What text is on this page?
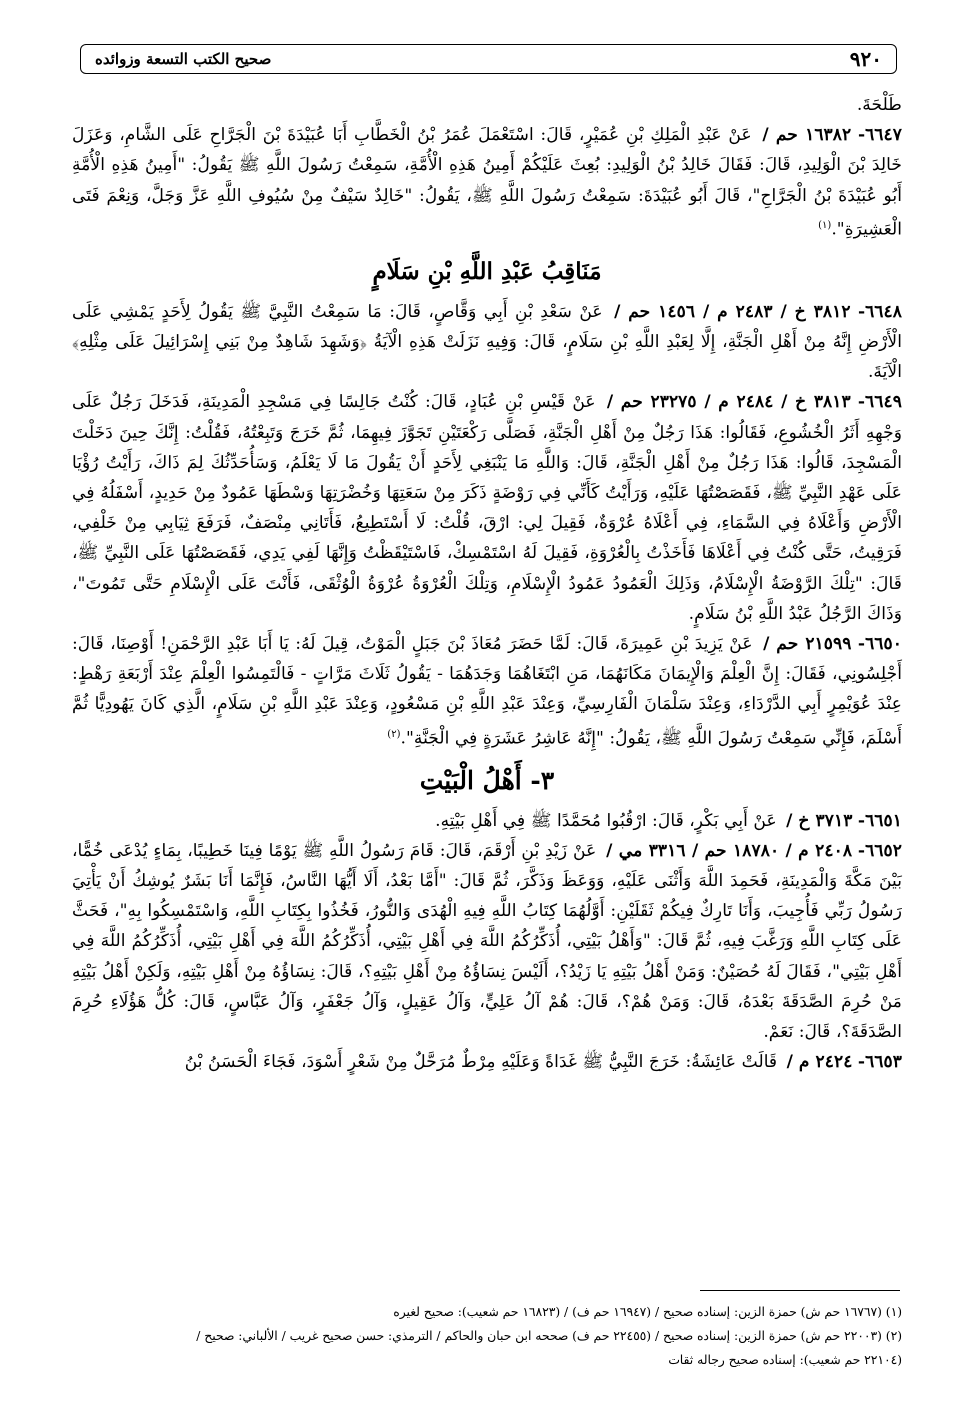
٩٢٠
صحيح الكتب التسعة وزوائده

طَلْحَةَ.

٦٦٤٧- ١٦٣٨٢ حم / عَنْ عَبْدِ الْمَلِكِ بْنِ عُمَيْرٍ، قَالَ: اسْتَعْمَلَ عُمَرُ بْنُ الْخَطَّابِ أَبَا عُبَيْدَةَ بْنَ الْجَرَّاحِ عَلَى الشَّامِ، وَعَزَلَ خَالِدَ بْنَ الْوَلِيدِ، قَالَ: فَقَالَ خَالِدُ بْنُ الْوَلِيدِ: بُعِثَ عَلَيْكُمْ أَمِينُ هَذِهِ الْأُمَّةِ، سَمِعْتُ رَسُولَ اللَّهِ ﷺ يَقُولُ: "أَمِينُ هَذِهِ الْأُمَّةِ أَبُو عُبَيْدَةَ بْنُ الْجَرَّاحِ"، قَالَ أَبُو عُبَيْدَةَ: سَمِعْتُ رَسُولَ اللَّهِ ﷺ، يَقُولُ: "خَالِدٌ سَيْفٌ مِنْ سُيُوفِ اللَّهِ عَزَّ وَجَلَّ، وَنِعْمَ فَتَى الْعَشِيرَةِ".$^{(١)}$

مَنَاقِبُ عَبْدِ اللَّهِ بْنِ سَلَامٍ

٦٦٤٨- ٣٨١٢ خ / ٢٤٨٣ م / ١٤٥٦ حم / عَنْ سَعْدِ بْنِ أَبِي وَقَّاصٍ، قَالَ: مَا سَمِعْتُ النَّبِيَّ ﷺ يَقُولُ لِأَحَدٍ يَمْشِي عَلَى الْأَرْضِ إِنَّهُ مِنْ أَهْلِ الْجَنَّةِ، إِلَّا لِعَبْدِ اللَّهِ بْنِ سَلَامٍ، قَالَ: وَفِيهِ نَزَلَتْ هَذِهِ الْآيَةُ ﴿وَشَهِدَ شَاهِدٌ مِنْ بَنِي إِسْرَائِيلَ عَلَى مِثْلِهِ﴾ الْآيَةَ.

٦٦٤٩- ٣٨١٣ خ / ٢٤٨٤ م / ٢٣٢٧٥ حم / عَنْ قَيْسِ بْنِ عُبَادٍ، قَالَ: كُنْتُ جَالِسًا فِي مَسْجِدِ الْمَدِينَةِ، فَدَخَلَ رَجُلٌ عَلَى وَجْهِهِ أَثَرُ الْخُشُوعِ، فَقَالُوا: هَذَا رَجُلٌ مِنْ أَهْلِ الْجَنَّةِ، فَصَلَّى رَكْعَتَيْنِ تَجَوَّزَ فِيهِمَا، ثُمَّ خَرَجَ وَتَبِعْتُهُ، فَقُلْتُ: إِنَّكَ حِينَ دَخَلْتَ الْمَسْجِدَ، قَالُوا: هَذَا رَجُلٌ مِنْ أَهْلِ الْجَنَّةِ، قَالَ: وَاللَّهِ مَا يَنْبَغِي لِأَحَدٍ أَنْ يَقُولَ مَا لَا يَعْلَمُ، وَسَأُحَدِّثُكَ لِمَ ذَاكَ، رَأَيْتُ رُؤْيَا عَلَى عَهْدِ النَّبِيِّ ﷺ، فَقَصَصْتُهَا عَلَيْهِ، وَرَأَيْتُ كَأَنِّي فِي رَوْضَةٍ ذَكَرَ مِنْ سَعَتِهَا وَخُضْرَتِهَا وَسْطَهَا عَمُودٌ مِنْ حَدِيدٍ، أَسْفَلُهُ فِي الْأَرْضِ وَأَعْلَاهُ فِي السَّمَاءِ، فِي أَعْلَاهُ عُرْوَةٌ، فَقِيلَ لِي: ارْقَ، قُلْتُ: لَا أَسْتَطِيعُ، فَأَتَانِي مِنْصَفٌ، فَرَفَعَ ثِيَابِي مِنْ خَلْفِي، فَرَقِيتُ، حَتَّى كُنْتُ فِي أَعْلَاهَا فَأَخَذْتُ بِالْعُرْوَةِ، فَقِيلَ لَهُ اسْتَمْسِكْ، فَاسْتَيْقَظْتُ وَإِنَّهَا لَفِي يَدِي، فَقَصَصْتُهَا عَلَى النَّبِيِّ ﷺ، قَالَ: "تِلْكَ الرَّوْضَةُ الْإِسْلَامُ، وَذَلِكَ الْعَمُودُ عَمُودُ الْإِسْلَامِ، وَتِلْكَ الْعُرْوَةُ عُرْوَةُ الْوُثْقَى، فَأَنْتَ عَلَى الْإِسْلَامِ حَتَّى تَمُوتَ"، وَذَاكَ الرَّجُلُ عَبْدُ اللَّهِ بْنُ سَلَامٍ.

٦٦٥٠- ٢١٥٩٩ حم / عَنْ يَزِيدَ بْنِ عَمِيرَةَ، قَالَ: لَمَّا حَضَرَ مُعَاذَ بْنَ جَبَلٍ الْمَوْتُ، قِيلَ لَهُ: يَا أَبَا عَبْدِ الرَّحْمَنِ! أَوْصِنَا، قَالَ: أَجْلِسُونِي، فَقَالَ: إِنَّ الْعِلْمَ وَالْإِيمَانَ مَكَانَهُمَا، مَنِ ابْتَغَاهُمَا وَجَدَهُمَا - يَقُولُ ثَلَاثَ مَرَّاتٍ - فَالْتَمِسُوا الْعِلْمَ عِنْدَ أَرْبَعَةِ رَهْطٍ: عِنْدَ عُوَيْمِرٍ أَبِي الدَّرْدَاءِ، وَعِنْدَ سَلْمَانَ الْفَارِسِيِّ، وَعِنْدَ عَبْدِ اللَّهِ بْنِ مَسْعُودٍ، وَعِنْدَ عَبْدِ اللَّهِ بْنِ سَلَامٍ، الَّذِي كَانَ يَهُودِيًّا ثُمَّ أَسْلَمَ، فَإِنِّي سَمِعْتُ رَسُولَ اللَّهِ ﷺ، يَقُولُ: "إِنَّهُ عَاشِرُ عَشَرَةٍ فِي الْجَنَّةِ".$^{(٢)}$

٣- أَهْلُ الْبَيْتِ

٦٦٥١- ٣٧١٣ خ / عَنْ أَبِي بَكْرٍ، قَالَ: ارْقُبُوا مُحَمَّدًا ﷺ فِي أَهْلِ بَيْتِهِ.

٦٦٥٢- ٢٤٠٨ م / ١٨٧٨٠ حم / ٣٣١٦ مي / عَنْ زَيْدِ بْنِ أَرْقَمَ، قَالَ: قَامَ رَسُولُ اللَّهِ ﷺ يَوْمًا فِينَا خَطِيبًا، بِمَاءٍ يُدْعَى خُمًّا، بَيْنَ مَكَّةَ وَالْمَدِينَةِ، فَحَمِدَ اللَّهَ وَأَثْنَى عَلَيْهِ، وَوَعَظَ وَذَكَّرَ، ثُمَّ قَالَ: "أَمَّا بَعْدُ، أَلَا أَيُّهَا النَّاسُ، فَإِنَّمَا أَنَا بَشَرٌ يُوشِكُ أَنْ يَأْتِيَ رَسُولُ رَبِّي فَأُجِيبَ، وَأَنَا تَارِكٌ فِيكُمْ ثَقَلَيْنِ: أَوَّلُهُمَا كِتَابُ اللَّهِ فِيهِ الْهُدَى وَالنُّورُ، فَخُذُوا بِكِتَابِ اللَّهِ، وَاسْتَمْسِكُوا بِهِ"، فَحَثَّ عَلَى كِتَابِ اللَّهِ وَرَغَّبَ فِيهِ، ثُمَّ قَالَ: "وَأَهْلُ بَيْتِي، أُذَكِّرُكُمُ اللَّهَ فِي أَهْلِ بَيْتِي، أُذَكِّرُكُمُ اللَّهَ فِي أَهْلِ بَيْتِي، أُذَكِّرُكُمُ اللَّهَ فِي أَهْلِ بَيْتِي"، فَقَالَ لَهُ حُصَيْنٌ: وَمَنْ أَهْلُ بَيْتِهِ يَا زَيْدُ؟، أَلَيْسَ نِسَاؤُهُ مِنْ أَهْلِ بَيْتِهِ؟، قَالَ: نِسَاؤُهُ مِنْ أَهْلِ بَيْتِهِ، وَلَكِنْ أَهْلُ بَيْتِهِ مَنْ حُرِمَ الصَّدَقَةَ بَعْدَهُ، قَالَ: وَمَنْ هُمْ؟، قَالَ: هُمْ آلُ عَلِيٍّ، وَآلُ عَقِيلٍ، وَآلُ جَعْفَرٍ، وَآلُ عَبَّاسٍ، قَالَ: كُلُّ هَؤُلَاءِ حُرِمَ الصَّدَقَةَ؟، قَالَ: نَعَمْ.

٦٦٥٣- ٢٤٢٤ م / قَالَتْ عَائِشَةُ: خَرَجَ النَّبِيُّ ﷺ غَدَاةً وَعَلَيْهِ مِرْطٌ مُرَحَّلٌ مِنْ شَعْرٍ أَسْوَدَ، فَجَاءَ الْحَسَنُ بْنُ

(١) (١٦٧٦٧ حم ش) حمزة الزين: إسناده صحيح / (١٦٩٤٧ حم ف) / (١٦٨٢٣ حم شعيب): صحيح لغيره

(٢) (٢٢٠٠٣ حم ش) حمزة الزين: إسناده صحيح / (٢٢٤٥٥ حم ف) صححه ابن حبان والحاكم / الترمذي: حسن صحيح غريب / الألباني: صحيح /

(٢٢١٠٤ حم شعيب): إسناده صحيح رجاله ثقات
